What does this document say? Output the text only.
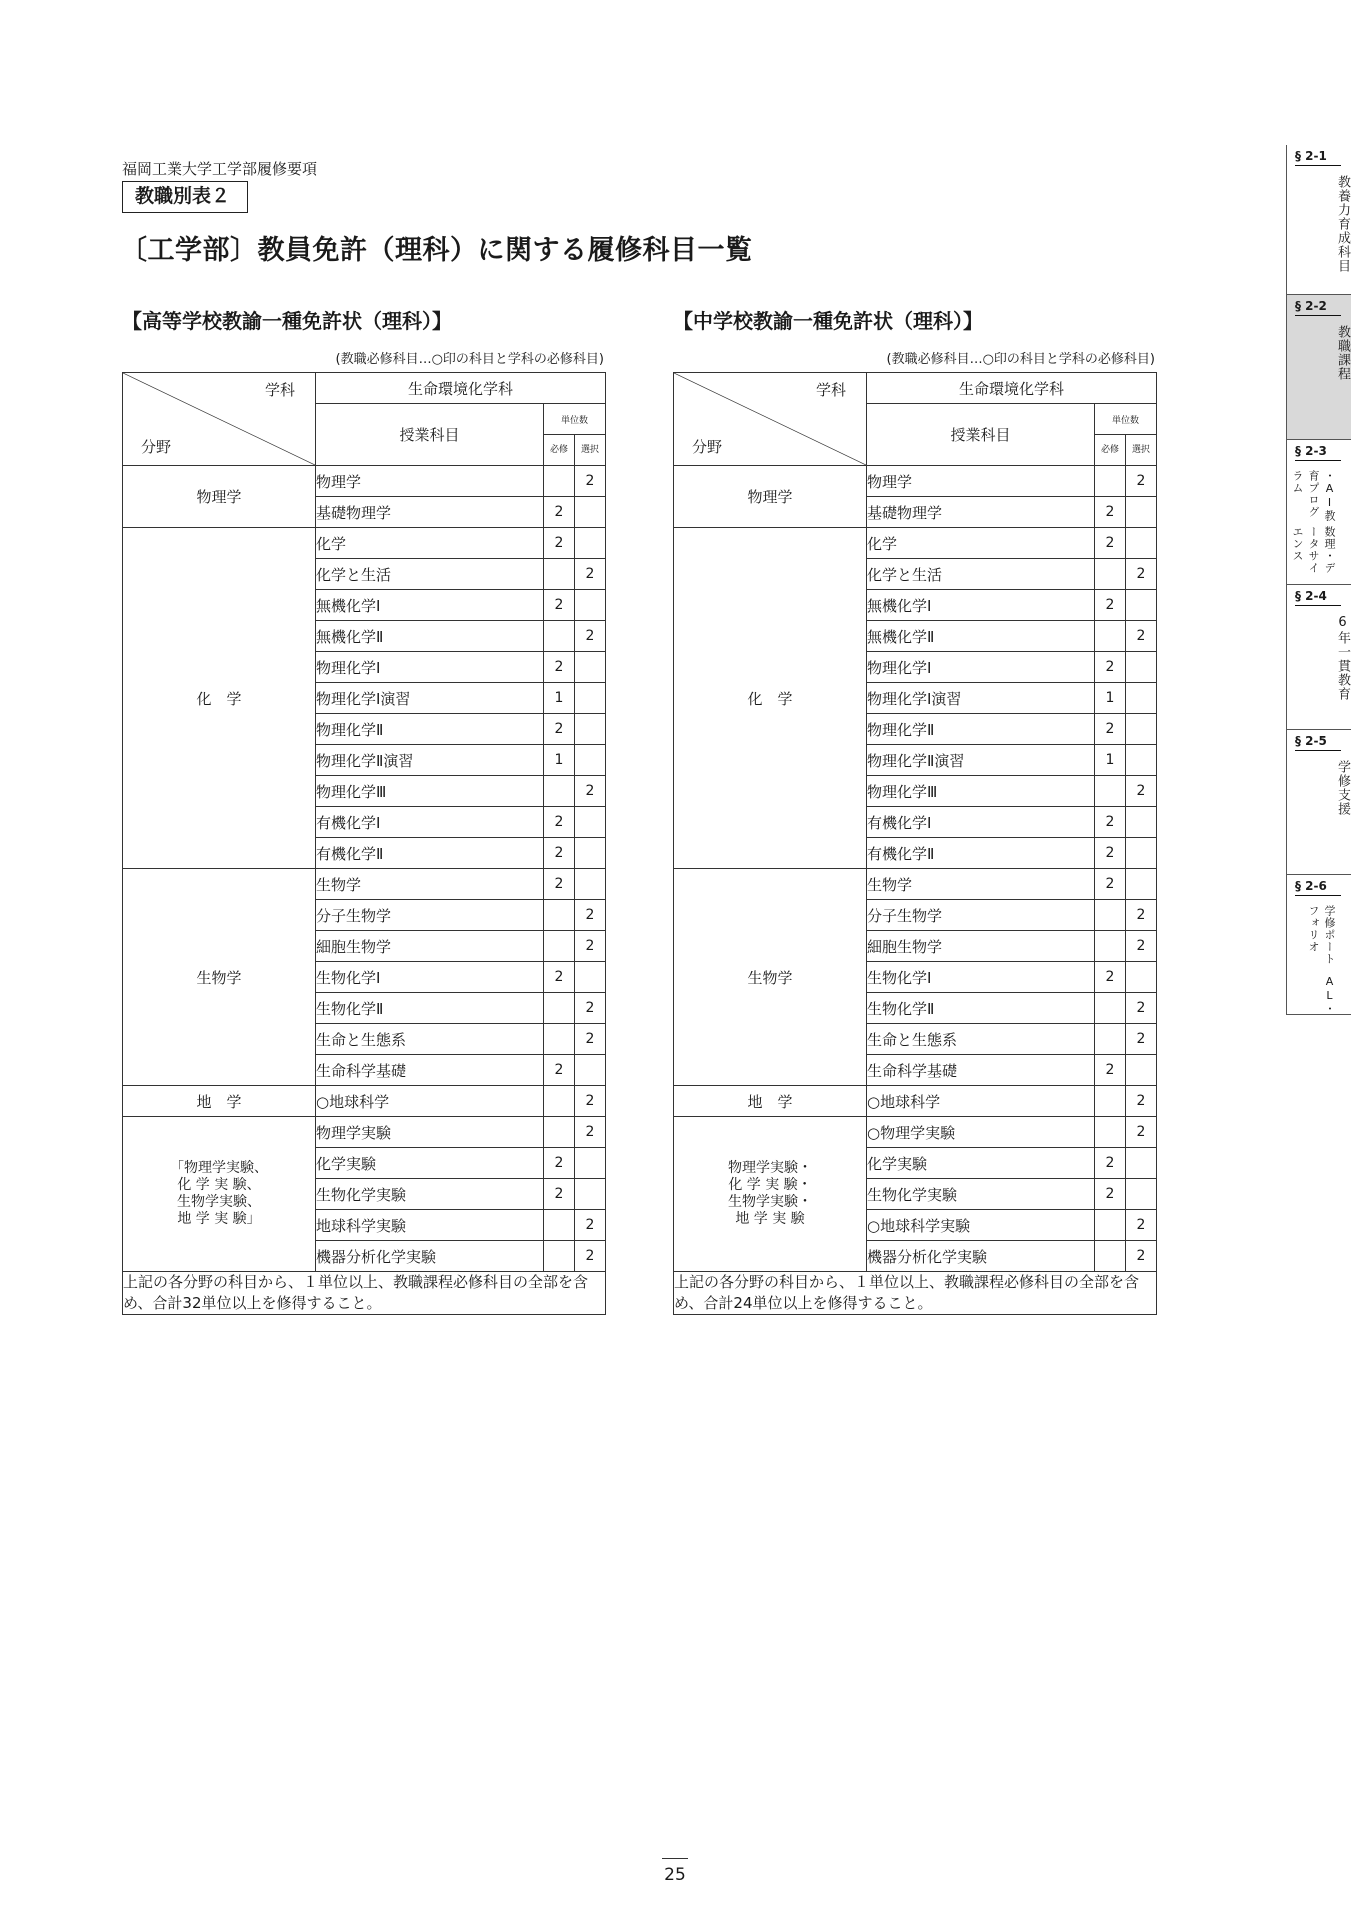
福岡工業大学工学部履修要項
教職別表２
〔工学部〕教員免許（理科）に関する履修科目一覧
【高等学校教諭一種免許状（理科）】
(教職必修科目…○印の科目と学科の必修科目)
学科
分野	生命環境化学科		
	授業科目	単位数	
		必修	選択
物理学	物理学		2
	基礎物理学	2	
化　学	化学	2	
	化学と生活		2
	無機化学Ⅰ	2	
	無機化学Ⅱ		2
	物理化学Ⅰ	2	
	物理化学Ⅰ演習	1	
	物理化学Ⅱ	2	
	物理化学Ⅱ演習	1	
	物理化学Ⅲ		2
	有機化学Ⅰ	2	
	有機化学Ⅱ	2	
生物学	生物学	2	
	分子生物学		2
	細胞生物学		2
	生物化学Ⅰ	2	
	生物化学Ⅱ		2
	生命と生態系		2
	生命科学基礎	2	
地　学	○地球科学		2

「物理学実験、
化 学 実 験、
生物学実験、
地 学 実 験」	物理学実験		2
	化学実験	2	
	生物化学実験	2	
	地球科学実験		2
	機器分析化学実験		2
上記の各分野の科目から、１単位以上、教職課程必修科目の全部を含め、合計32単位以上を修得すること。			
【中学校教諭一種免許状（理科）】
(教職必修科目…○印の科目と学科の必修科目)
学科
分野	生命環境化学科		
	授業科目	単位数	
		必修	選択
物理学	物理学		2
	基礎物理学	2	
化　学	化学	2	
	化学と生活		2
	無機化学Ⅰ	2	
	無機化学Ⅱ		2
	物理化学Ⅰ	2	
	物理化学Ⅰ演習	1	
	物理化学Ⅱ	2	
	物理化学Ⅱ演習	1	
	物理化学Ⅲ		2
	有機化学Ⅰ	2	
	有機化学Ⅱ	2	
生物学	生物学	2	
	分子生物学		2
	細胞生物学		2
	生物化学Ⅰ	2	
	生物化学Ⅱ		2
	生命と生態系		2
	生命科学基礎	2	
地　学	○地球科学		2

物理学実験・
化 学 実 験・
生物学実験・
地 学 実 験	○物理学実験		2
	化学実験	2	
	生物化学実験	2	
	○地球科学実験		2
	機器分析化学実験		2
上記の各分野の科目から、１単位以上、教職課程必修科目の全部を含め、合計24単位以上を修得すること。			
§ 2-1
教養力育成科目
§ 2-2
教職課程
§ 2-3
数理・データサイエンス
・AI教育プログラム
§ 2-4
6年一貫教育
§ 2-5
学修支援
§ 2-6
AL・
学修ポートフォリオ
25
